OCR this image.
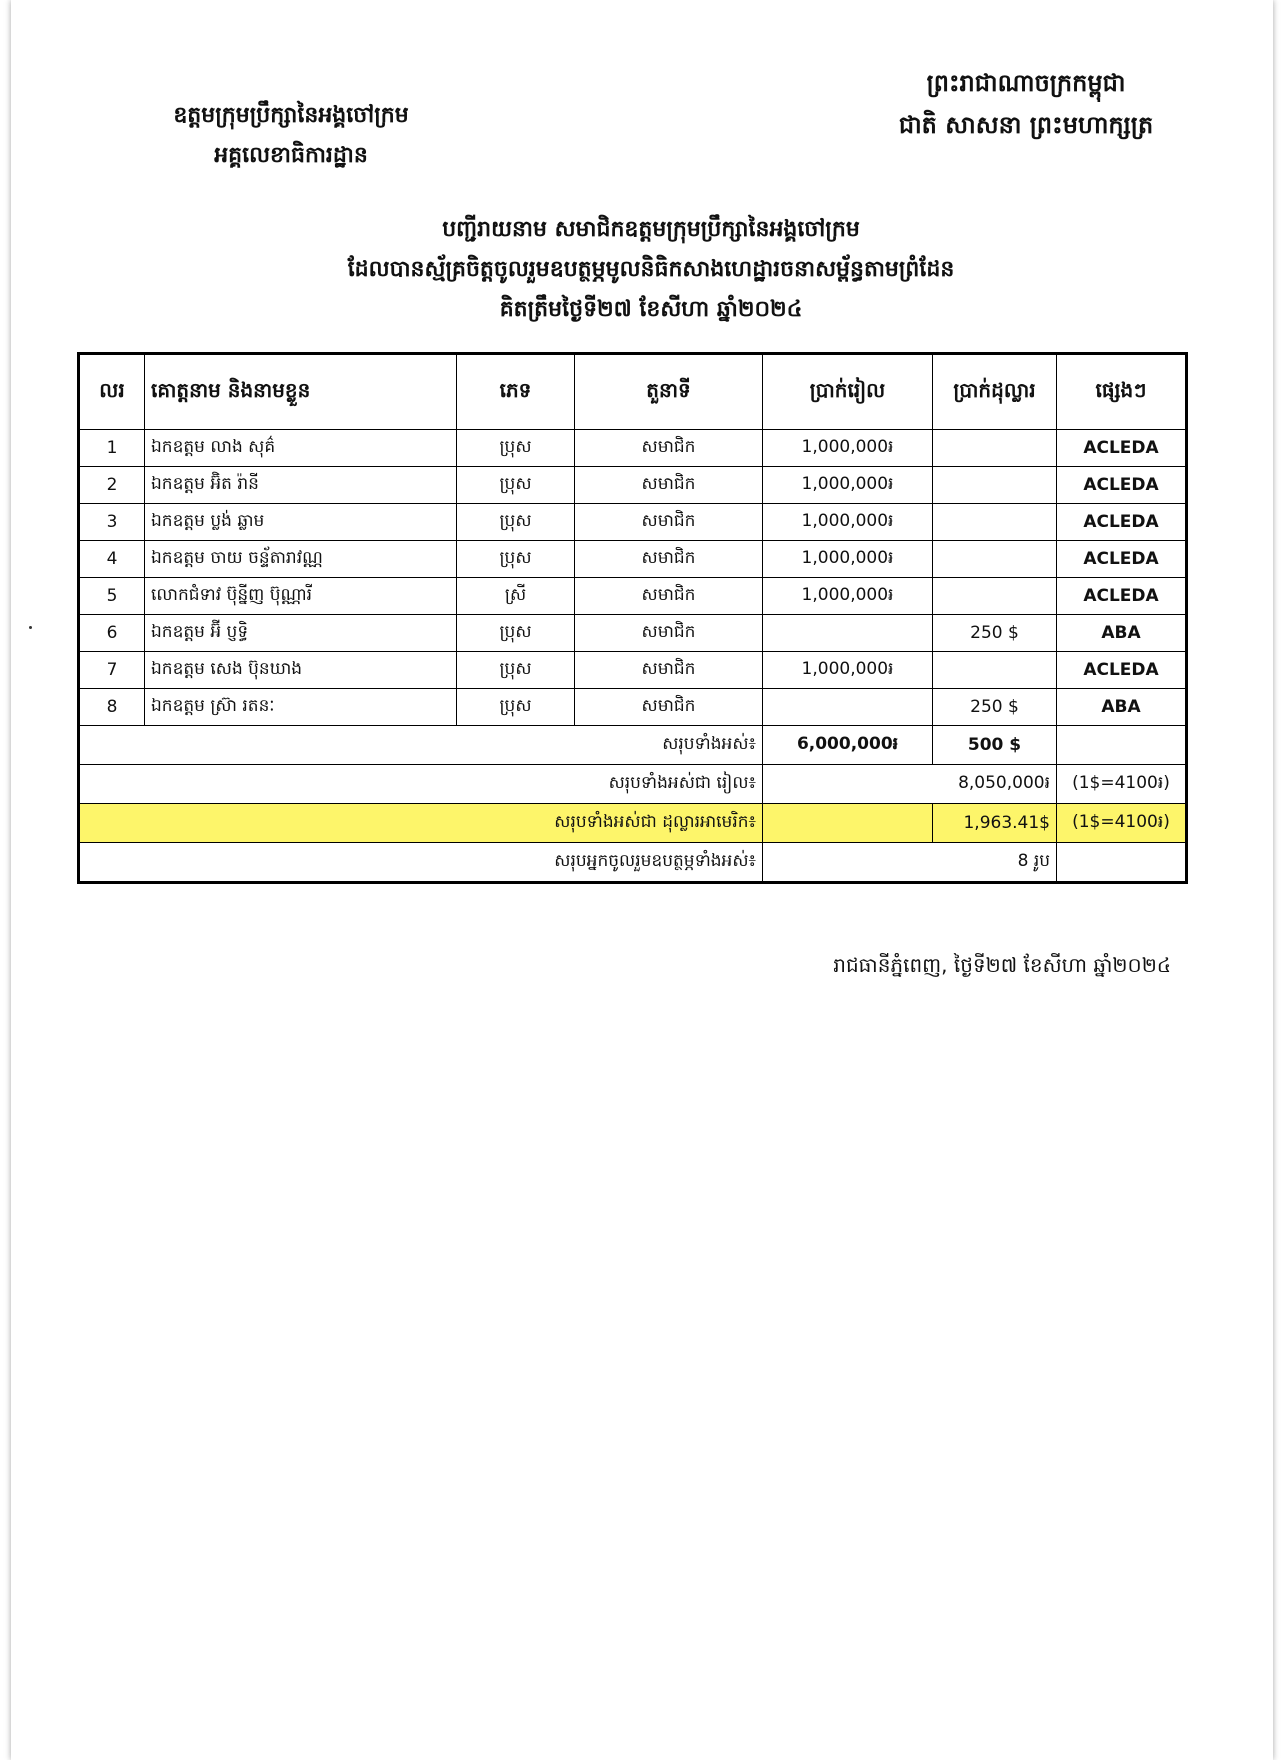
ព្រះរាជាណាចក្រកម្ពុជា
ជាតិ សាសនា ព្រះមហាក្សត្រ
ឧត្តមក្រុមប្រឹក្សានៃអង្គចៅក្រម
អគ្គលេខាធិការដ្ឋាន
បញ្ជីរាយនាម សមាជិកឧត្តមក្រុមប្រឹក្សានៃអង្គចៅក្រម
ដែលបានស្ម័គ្រចិត្តចូលរួមឧបត្ថម្ភមូលនិធិកសាងហេដ្ឋារចនាសម្ព័ន្ធតាមព្រំដែន
គិតត្រឹមថ្ងៃទី២៧ ខែសីហា ឆ្នាំ២០២៤
លរ	គោត្តនាម និងនាមខ្លួន	ភេទ	តួនាទី	ប្រាក់រៀល	ប្រាក់ដុល្លារ	ផ្សេងៗ
1	ឯកឧត្តម លាង សុគ៌	ប្រុស	សមាជិក	1,000,000៛		ACLEDA
2	ឯកឧត្តម អ៊ិត រ៉ានី	ប្រុស	សមាជិក	1,000,000៛		ACLEDA
3	ឯកឧត្តម ប្លង់ ឆ្លាម	ប្រុស	សមាជិក	1,000,000៛		ACLEDA
4	ឯកឧត្តម ចាយ ចន្ទ័តារាវណ្ណ	ប្រុស	សមាជិក	1,000,000៛		ACLEDA
5	លោកជំទាវ ប៊ុន្នីញ ប៊ុណ្ណារី	ស្រី	សមាជិក	1,000,000៛		ACLEDA
6	ឯកឧត្តម អ៊ី ប្ញទ្ធិ	ប្រុស	សមាជិក		250 $	ABA
7	ឯកឧត្តម សេង ប៊ុនឃាង	ប្រុស	សមាជិក	1,000,000៛		ACLEDA
8	ឯកឧត្តម ស្រ៊ា រតនៈ	ប្រុស	សមាជិក		250 $	ABA
សរុបទាំងអស់៖				6,000,000៛	500 $	
សរុបទាំងអស់ជា រៀល៖				8,050,000៛		(1$=4100៛)
សរុបទាំងអស់ជា ដុល្លារអាមេរិក៖					1,963.41$	(1$=4100៛)
សរុបអ្នកចូលរួមឧបត្ថម្ភទាំងអស់៖				8 រូប		
រាជធានីភ្នំពេញ, ថ្ងៃទី២៧ ខែសីហា ឆ្នាំ២០២៤
